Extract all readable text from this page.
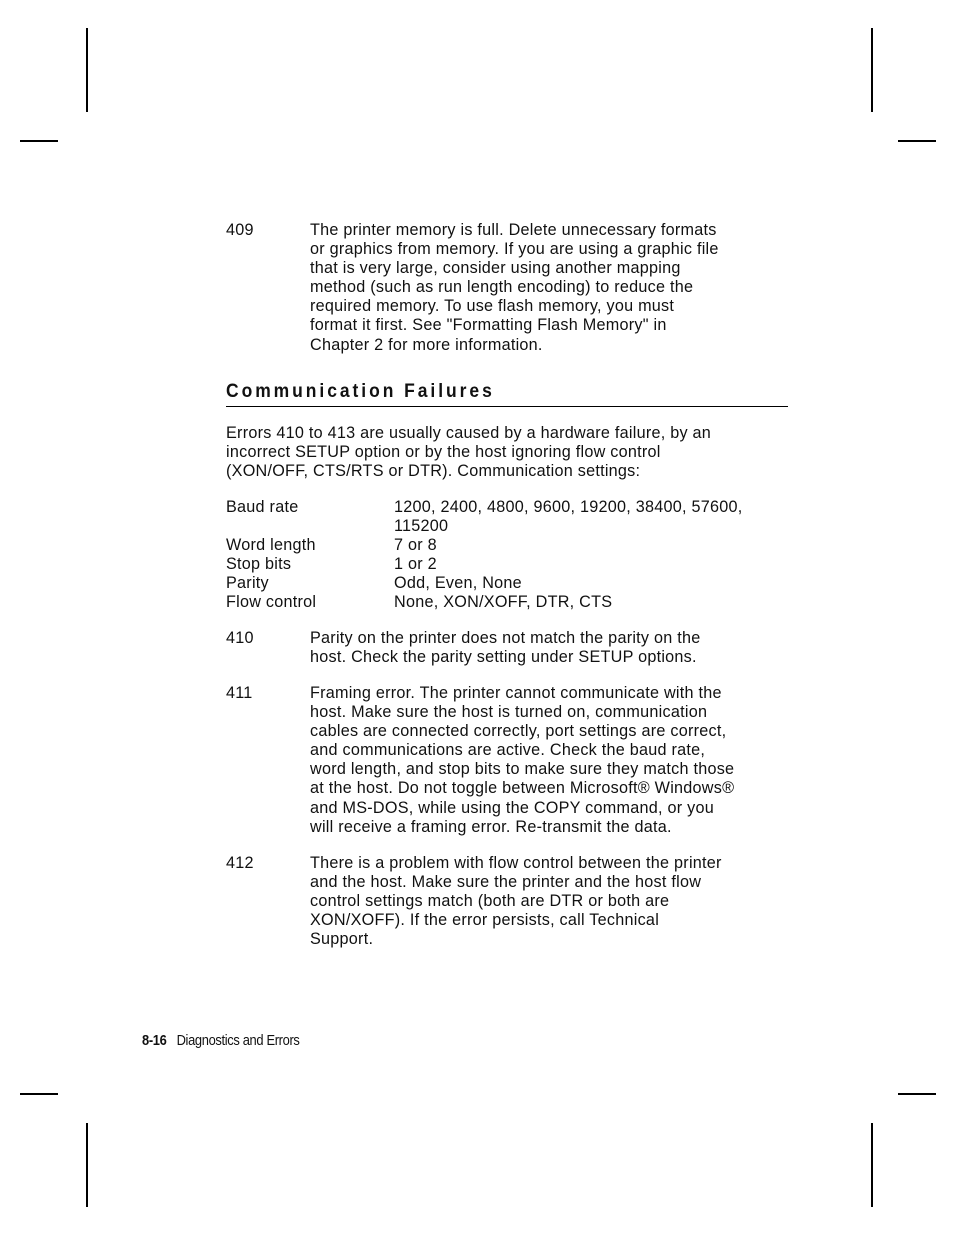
409	The printer memory is full. Delete unnecessary formats
or graphics from memory. If you are using a graphic file
that is very large, consider using another mapping
method (such as run length encoding) to reduce the
required memory. To use flash memory, you must
format it first. See "Formatting Flash Memory" in
Chapter 2 for more information.
Communication Failures
Errors 410 to 413 are usually caused by a hardware failure, by an
incorrect SETUP option or by the host ignoring flow control
(XON/OFF, CTS/RTS or DTR). Communication settings:
Baud rate	1200, 2400, 4800, 9600, 19200, 38400, 57600,
115200
Word length	7 or 8
Stop bits	1 or 2
Parity	Odd, Even, None
Flow control	None, XON/XOFF, DTR, CTS
410	Parity on the printer does not match the parity on the
host. Check the parity setting under SETUP options.
411	Framing error. The printer cannot communicate with the
host. Make sure the host is turned on, communication
cables are connected correctly, port settings are correct,
and communications are active. Check the baud rate,
word length, and stop bits to make sure they match those
at the host. Do not toggle between Microsoft® Windows®
and MS-DOS, while using the COPY command, or you
will receive a framing error. Re-transmit the data.
412	There is a problem with flow control between the printer
and the host. Make sure the printer and the host flow
control settings match (both are DTR or both are
XON/XOFF). If the error persists, call Technical
Support.
8-16 Diagnostics and Errors
